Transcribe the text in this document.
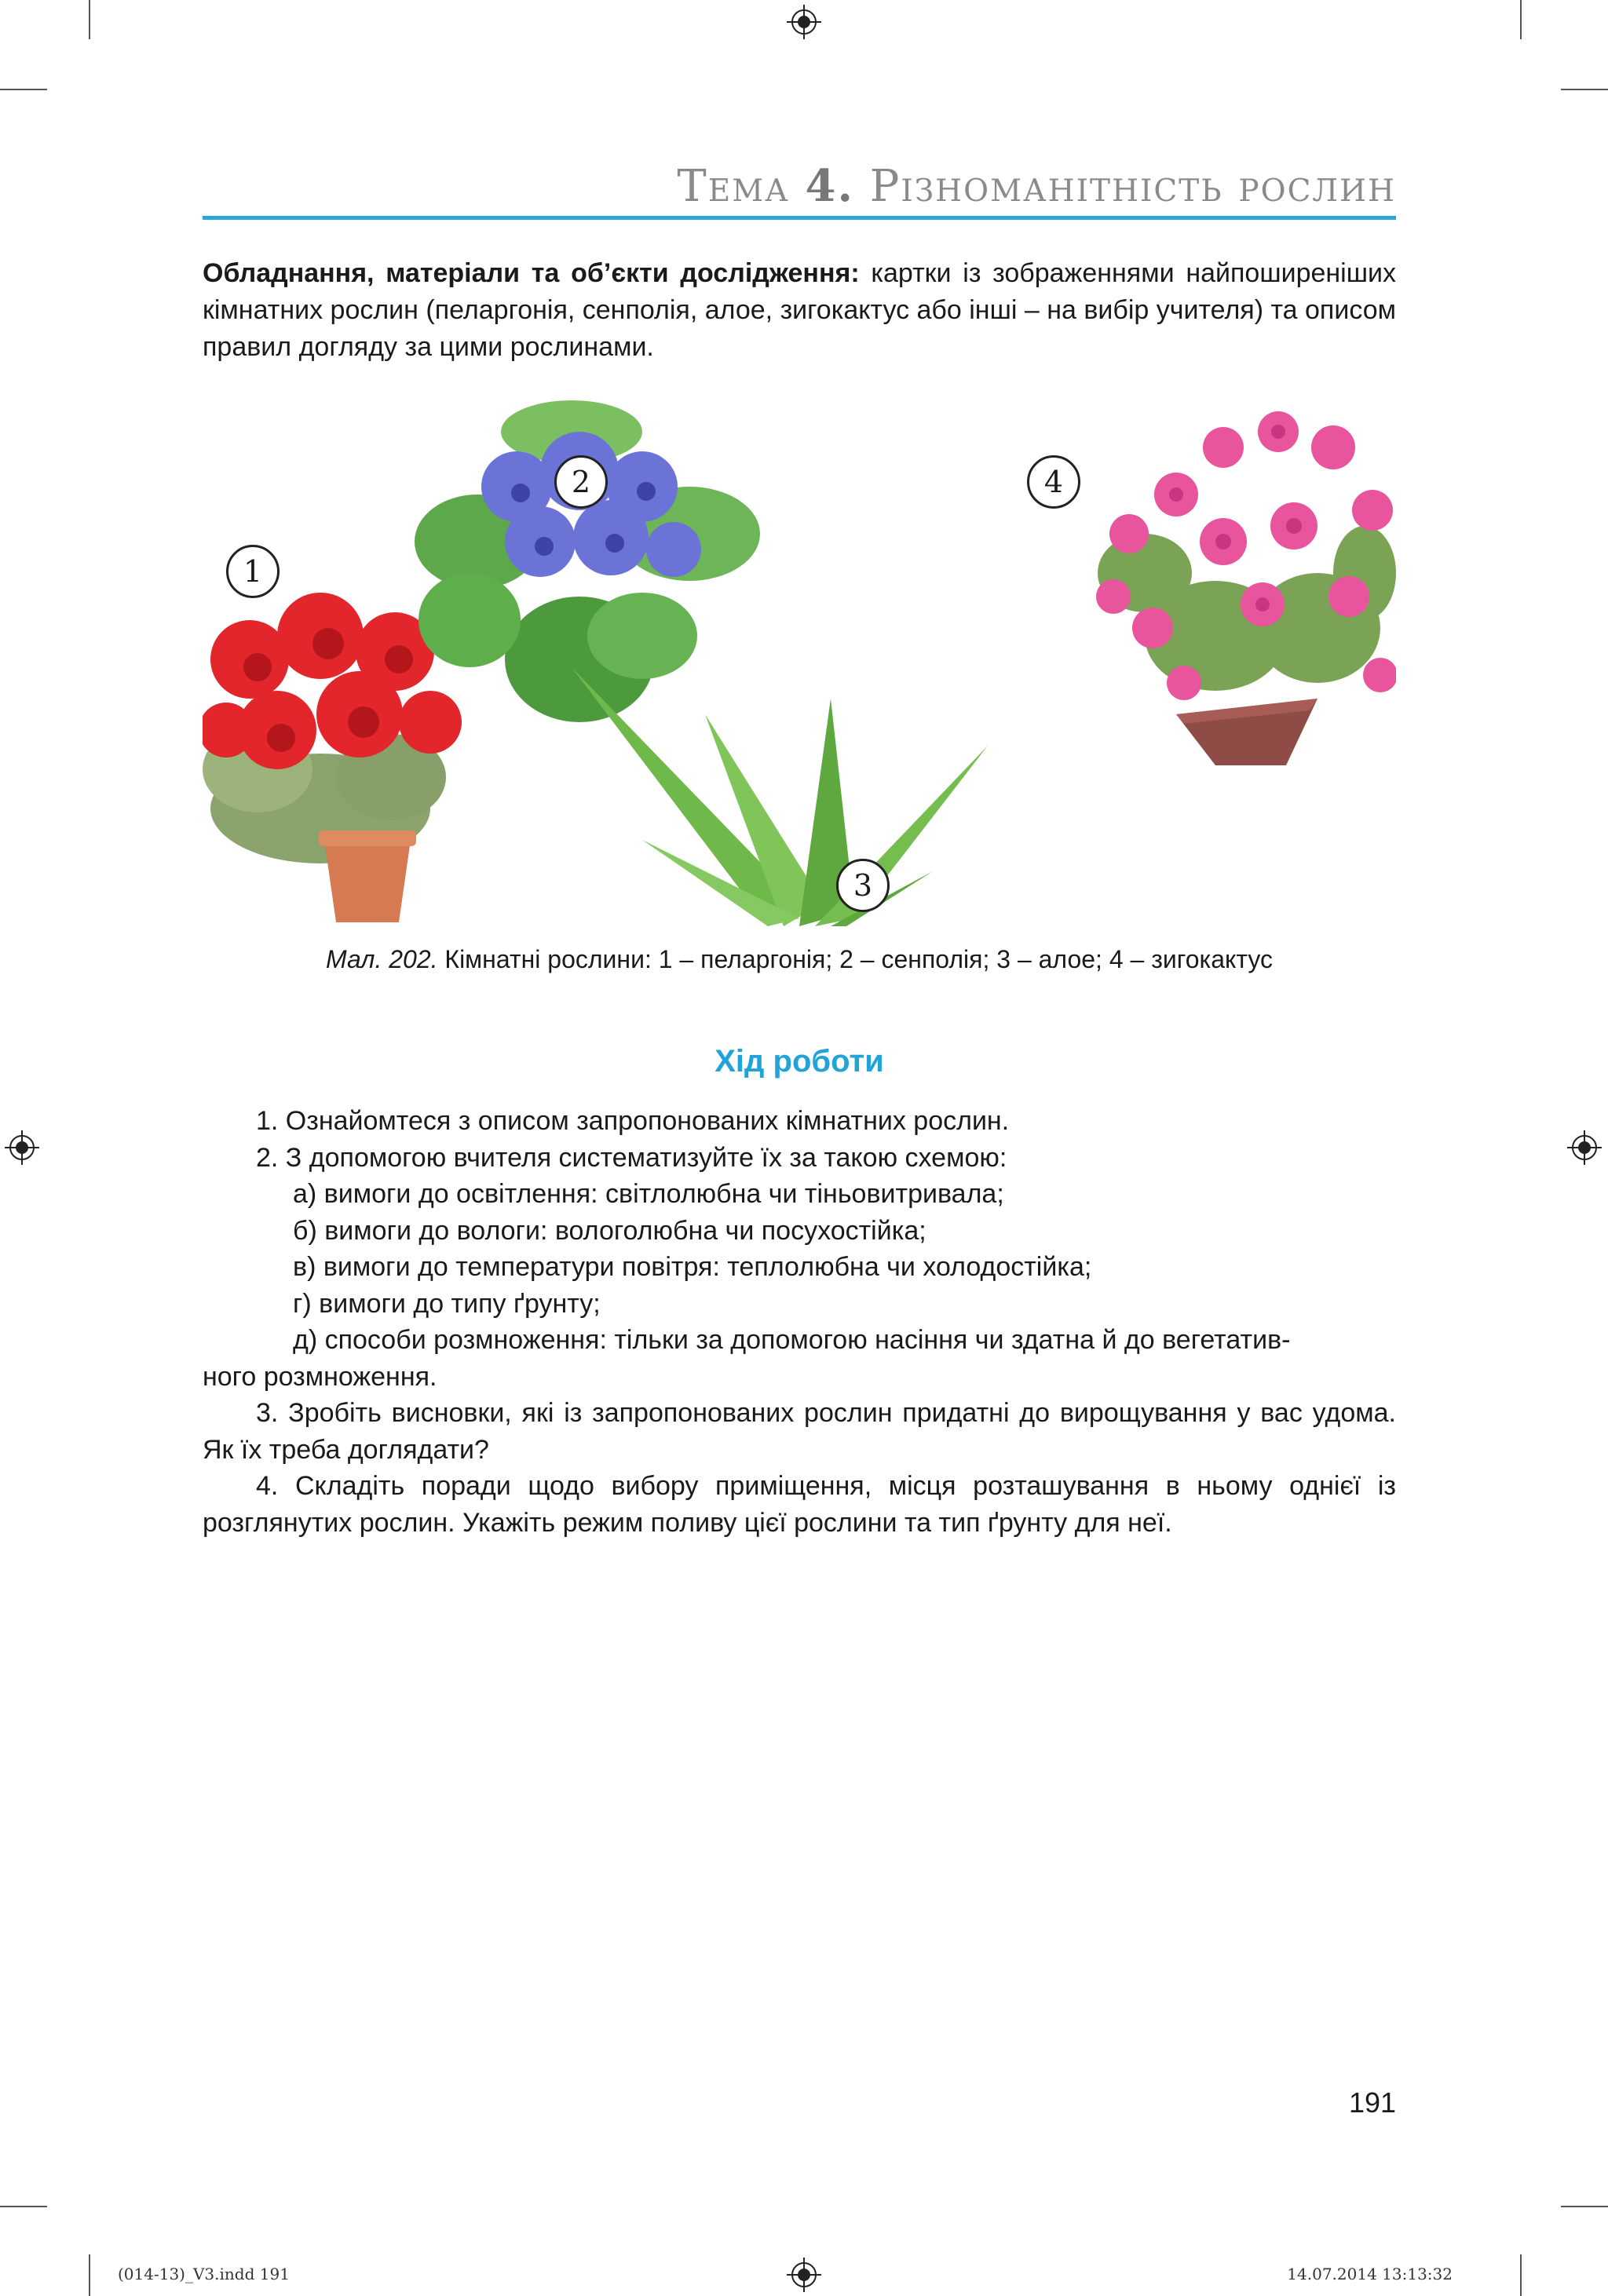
Тема 4. Різноманітність рослин
Обладнання, матеріали та об’єкти дослідження: картки із зображеннями найпоширеніших кімнатних рослин (пеларгонія, сенполія, алое, зигокактус або інші – на вибір учителя) та описом правил догляду за цими рослинами.
1
2
3
4
Мал. 202. Кімнатні рослини: 1 – пеларгонія; 2 – сенполія; 3 – алое; 4 – зигокактус
Хід роботи
1. Ознайомтеся з описом запропонованих кімнатних рослин.
2. З допомогою вчителя систематизуйте їх за такою схемою:
а) вимоги до освітлення: світлолюбна чи тіньовитривала;
б) вимоги до вологи: вологолюбна чи посухостійка;
в) вимоги до температури повітря: теплолюбна чи холодостійка;
г) вимоги до типу ґрунту;
д) способи розмноження: тільки за допомогою насіння чи здатна й до вегетатив-
ного розмноження.
3. Зробіть висновки, які із запропонованих рослин придатні до вирощування у вас удома. Як їх треба доглядати?
4. Складіть поради щодо вибору приміщення, місця розташування в ньому однієї із розглянутих рослин. Укажіть режим поливу цієї рослини та тип ґрунту для неї.
191
(014-13)_V3.indd 191	14.07.2014 13:13:32
